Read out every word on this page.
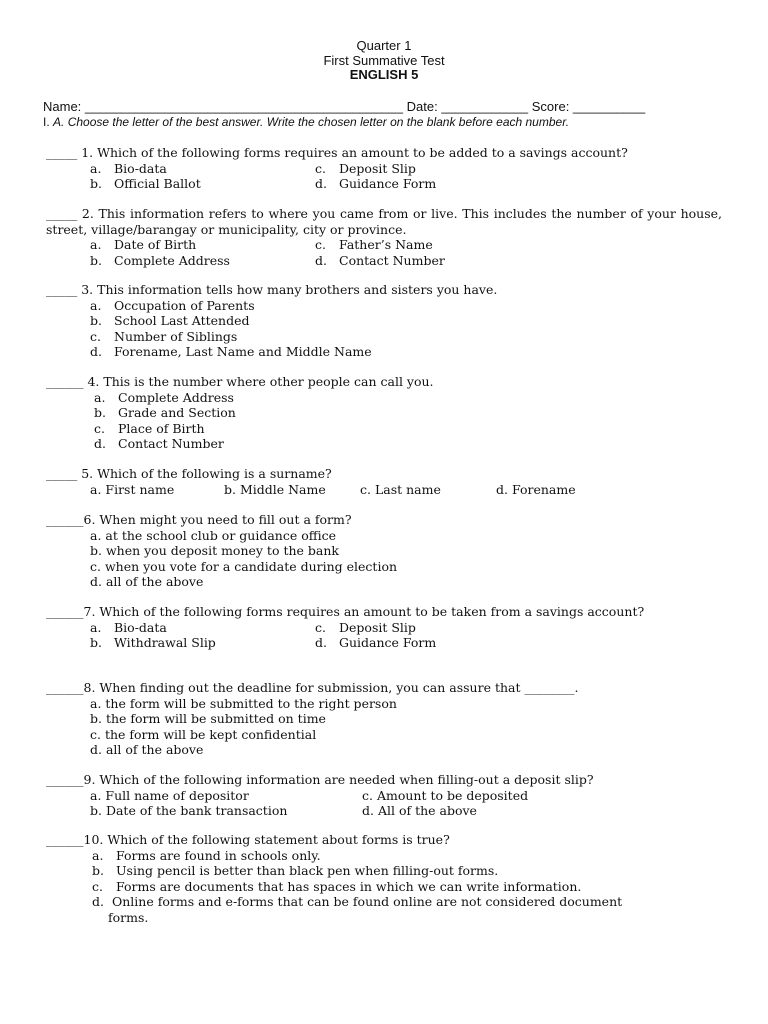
Quarter 1
First Summative Test
ENGLISH 5
Name: ____________________________________________ Date: ____________ Score: __________
I. A. Choose the letter of the best answer. Write the chosen letter on the blank before each number.
_____ 1. Which of the following forms requires an amount to be added to a savings account?
a.	Bio-data	c.	Deposit Slip
b. Official Ballot	d. Guidance Form
_____ 2. This information refers to where you came from or live. This includes the number of your house, street, village/barangay or municipality, city or province.
a.	Date of Birth	c.	Father’s Name
b. Complete Address	d. Contact Number
_____ 3. This information tells how many brothers and sisters you have.
a.	Occupation of Parents
b. School Last Attended
c.	Number of Siblings
d. Forename, Last Name and Middle Name
______ 4. This is the number where other people can call you.
a.	Complete Address
b. Grade and Section
c.	Place of Birth
d. Contact Number
_____ 5. Which of the following is a surname?
a. First name	b. Middle Name	c. Last name	d. Forename
______6. When might you need to fill out a form?
a. at the school club or guidance office
b. when you deposit money to the bank
c. when you vote for a candidate during election
d. all of the above
______7. Which of the following forms requires an amount to be taken from a savings account?
a.	Bio-data	c.	Deposit Slip
b. Withdrawal Slip	d. Guidance Form
______8. When finding out the deadline for submission, you can assure that ________.
a. the form will be submitted to the right person
b. the form will be submitted on time
c. the form will be kept confidential
d. all of the above
______9. Which of the following information are needed when filling-out a deposit slip?
a. Full name of depositor	c. Amount to be deposited
b. Date of the bank transaction	d. All of the above
______10. Which of the following statement about forms is true?
a.	Forms are found in schools only.
b. Using pencil is better than black pen when filling-out forms.
c.	Forms are documents that has spaces in which we can write information.
d. Online forms and e-forms that can be found online are not considered document
forms.
